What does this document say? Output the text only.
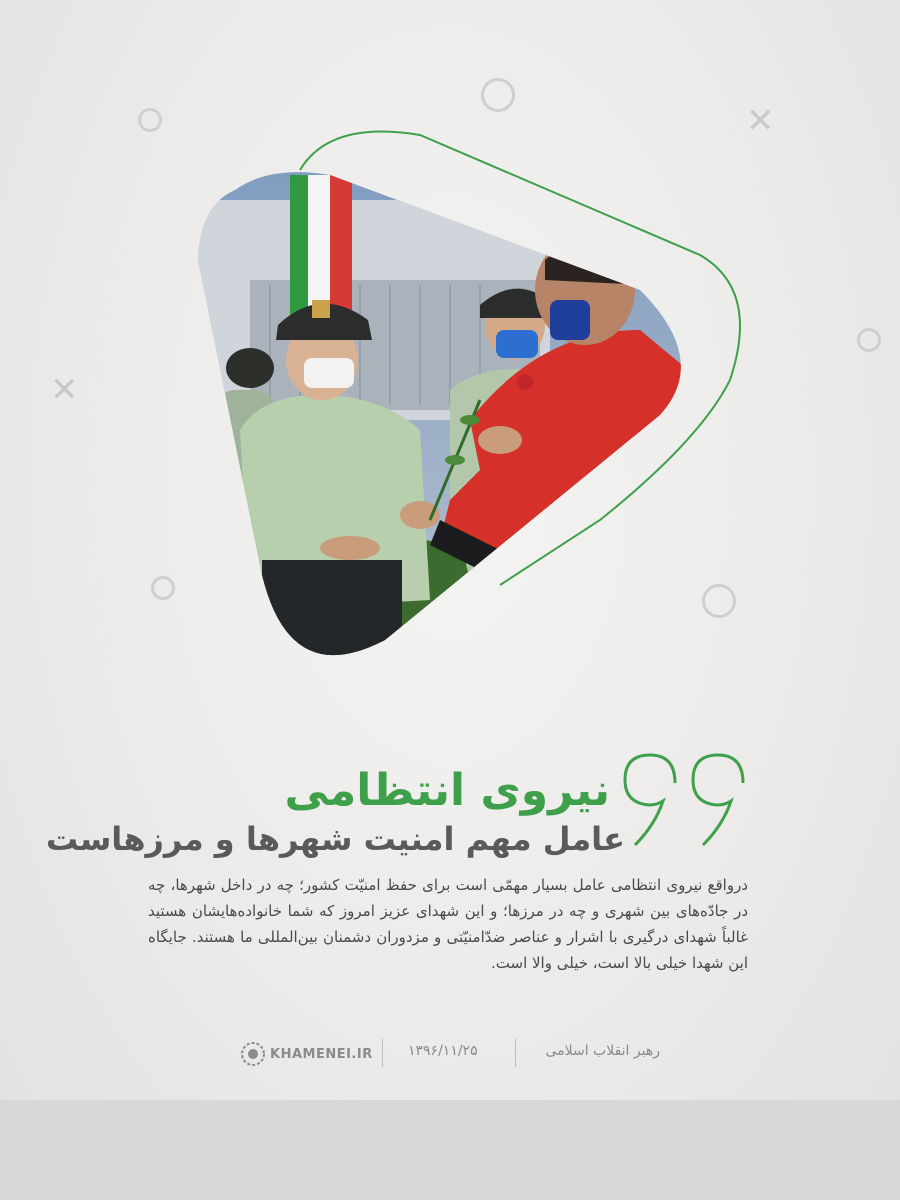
✕
✕
نیروی انتظامی
عامل مهم امنیت شهرها و مرزهاست
درواقع نیروی انتظامی عامل بسیار مهمّی است برای حفظ امنیّت کشور؛ چه در داخل شهرها، چه در جادّه‌های بین شهری و چه در مرزها؛ و این شهدای عزیز امروز که شما خانواده‌هایشان هستید غالباً شهدای درگیری با اشرار و عناصر ضدّامنیّتی و مزدوران دشمنان بین‌المللی ما هستند. جایگاه این شهدا خیلی بالا است، خیلی والا است.
رهبر انقلاب اسلامی
۱۳۹۶/۱۱/۲۵
KHAMENEI.IR
